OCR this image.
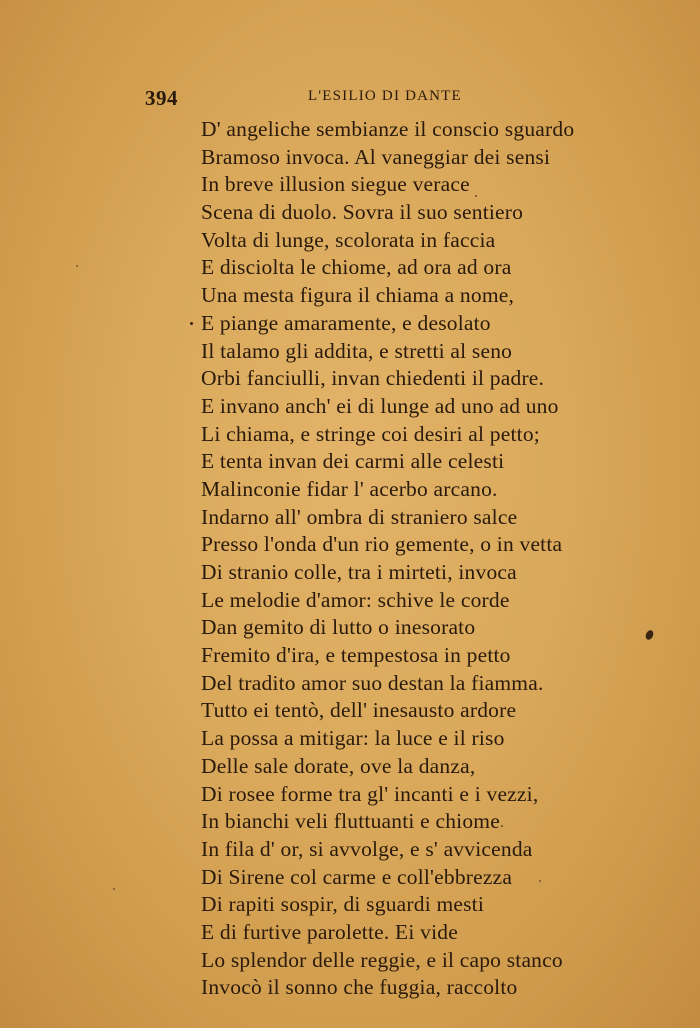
394	L'ESILIO DI DANTE
D' angeliche sembianze il conscio sguardo
Bramoso invoca. Al vaneggiar dei sensi
In breve illusion siegue verace
Scena di duolo. Sovra il suo sentiero
Volta di lunge, scolorata in faccia
E disciolta le chiome, ad ora ad ora
Una mesta figura il chiama a nome,
E piange amaramente, e desolato
Il talamo gli addita, e stretti al seno
Orbi fanciulli, invan chiedenti il padre.
E invano anch' ei di lunge ad uno ad uno
Li chiama, e stringe coi desiri al petto;
E tenta invan dei carmi alle celesti
Malinconie fidar l' acerbo arcano.
Indarno all' ombra di straniero salce
Presso l'onda d'un rio gemente, o in vetta
Di stranio colle, tra i mirteti, invoca
Le melodie d'amor: schive le corde
Dan gemito di lutto o inesorato
Fremito d'ira, e tempestosa in petto
Del tradito amor suo destan la fiamma.
Tutto ei tentò, dell' inesausto ardore
La possa a mitigar: la luce e il riso
Delle sale dorate, ove la danza,
Di rosee forme tra gl' incanti e i vezzi,
In bianchi veli fluttuanti e chiome
In fila d' or, si avvolge, e s' avvicenda
Di Sirene col carme e coll'ebbrezza
Di rapiti sospir, di sguardi mesti
E di furtive parolette. Ei vide
Lo splendor delle reggie, e il capo stanco
Invocò il sonno che fuggia, raccolto
